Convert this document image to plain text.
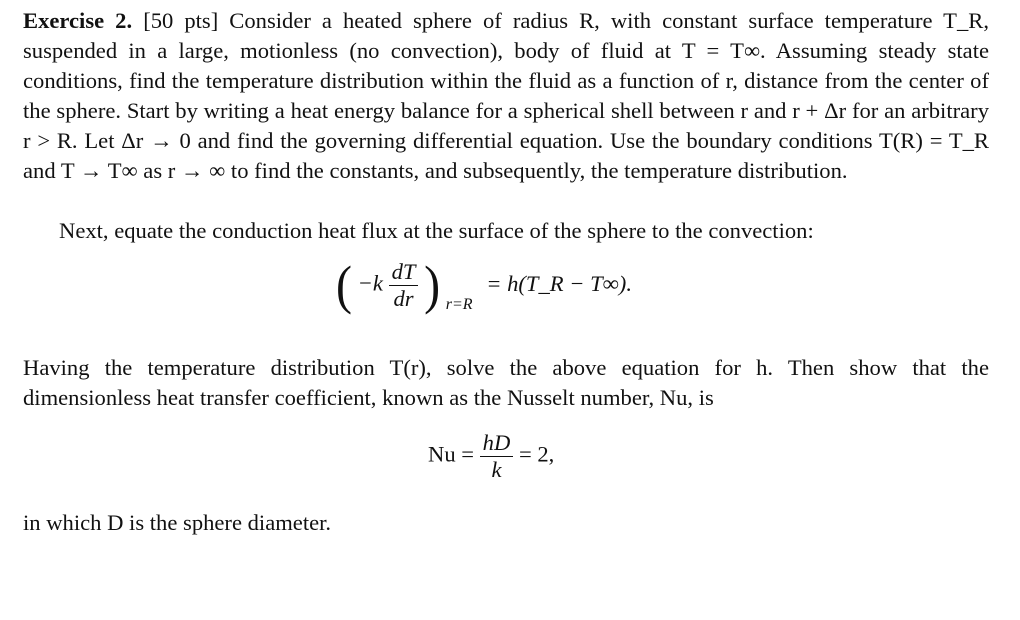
Exercise 2. [50 pts] Consider a heated sphere of radius R, with constant surface temperature T_R, suspended in a large, motionless (no convection), body of fluid at T = T∞. Assuming steady state conditions, find the temperature distribution within the fluid as a function of r, distance from the center of the sphere. Start by writing a heat energy balance for a spherical shell between r and r + Δr for an arbitrary r > R. Let Δr → 0 and find the governing differential equation. Use the boundary conditions T(R) = T_R and T → T∞ as r → ∞ to find the constants, and subsequently, the temperature distribution.
Next, equate the conduction heat flux at the surface of the sphere to the convection:
( $-k \frac{dT}{dr}$ ) $_{r=R}$ = h(T_R − T∞).
Having the temperature distribution T(r), solve the above equation for h. Then show that the dimensionless heat transfer coefficient, known as the Nusselt number, Nu, is
$Nu = \frac{hD}{k} = 2$,
in which D is the sphere diameter.
